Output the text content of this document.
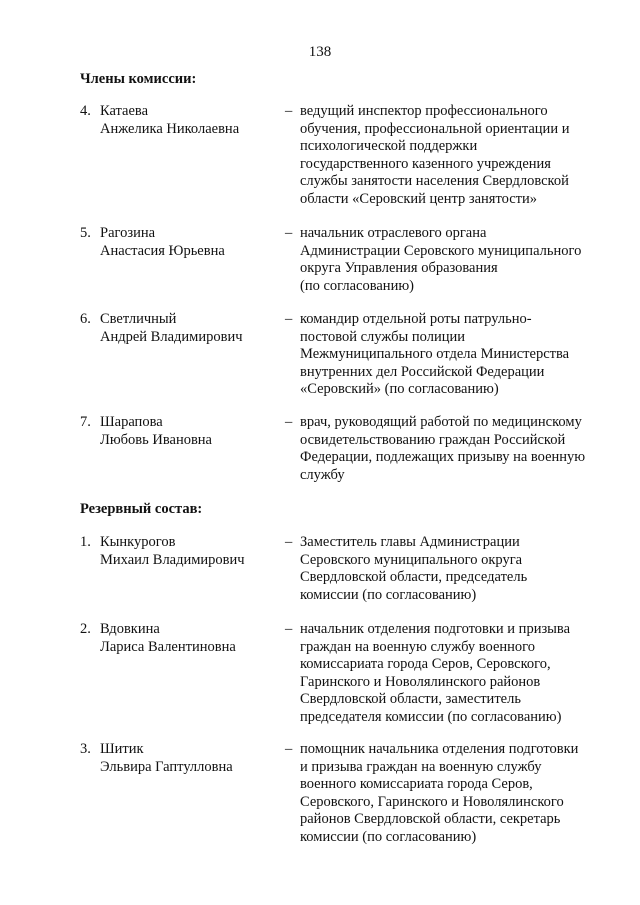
138
Члены комиссии:
4. Катаева
Анжелика Николаевна
– ведущий инспектор профессионального
обучения, профессиональной ориентации и
психологической поддержки
государственного казенного учреждения
службы занятости населения Свердловской
области «Серовский центр занятости»
5. Рагозина
Анастасия Юрьевна
– начальник отраслевого органа
Администрации Серовского муниципального
округа Управления образования
(по согласованию)
6. Светличный
Андрей Владимирович
– командир отдельной роты патрульно-
постовой службы полиции
Межмуниципального отдела Министерства
внутренних дел Российской Федерации
«Серовский» (по согласованию)
7. Шарапова
Любовь Ивановна
– врач, руководящий работой по медицинскому
освидетельствованию граждан Российской
Федерации, подлежащих призыву на военную
службу
Резервный состав:
1. Кынкурогов
Михаил Владимирович
– Заместитель главы Администрации
Серовского муниципального округа
Свердловской области, председатель
комиссии (по согласованию)
2. Вдовкина
Лариса Валентиновна
– начальник отделения подготовки и призыва
граждан на военную службу военного
комиссариата города Серов, Серовского,
Гаринского и Новолялинского районов
Свердловской области, заместитель
председателя комиссии (по согласованию)
3. Шитик
Эльвира Гаптулловна
– помощник начальника отделения подготовки
и призыва граждан на военную службу
военного комиссариата города Серов,
Серовского, Гаринского и Новолялинского
районов Свердловской области, секретарь
комиссии (по согласованию)
